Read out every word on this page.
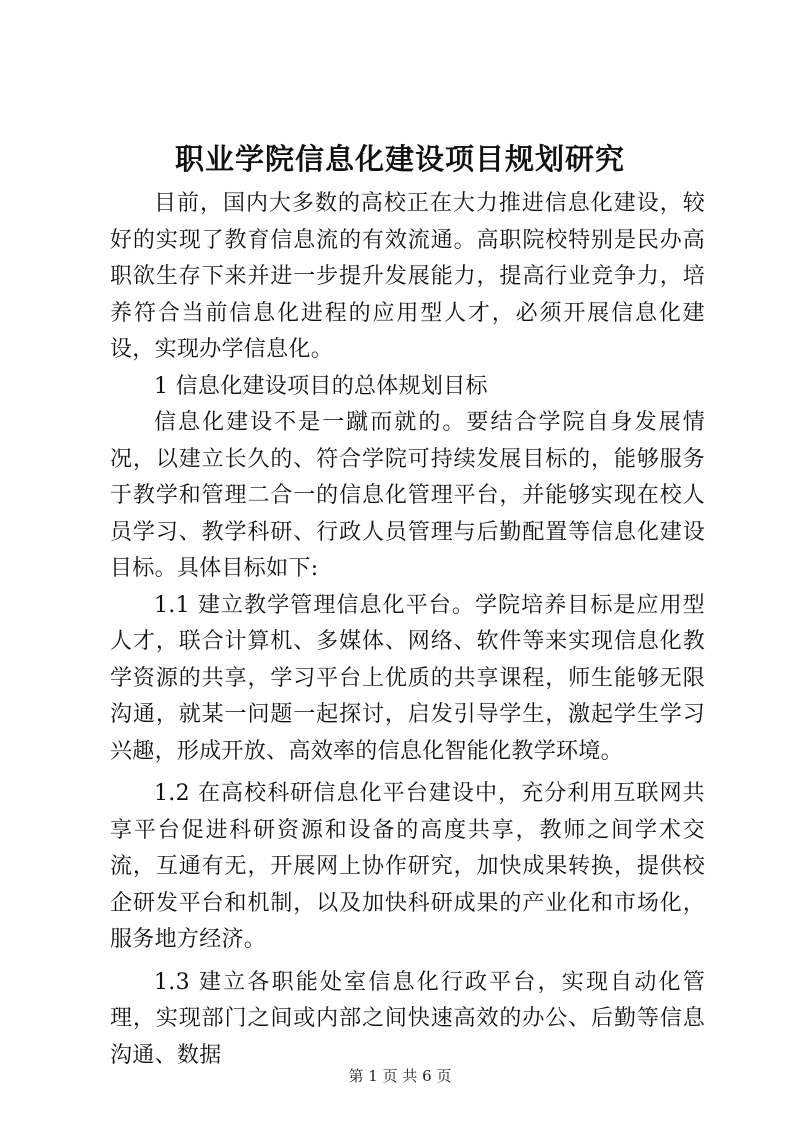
职业学院信息化建设项目规划研究

目前，国内大多数的高校正在大力推进信息化建设，较好的实现了教育信息流的有效流通。高职院校特别是民办高职欲生存下来并进一步提升发展能力，提高行业竞争力，培养符合当前信息化进程的应用型人才，必须开展信息化建设，实现办学信息化。

1 信息化建设项目的总体规划目标

信息化建设不是一蹴而就的。要结合学院自身发展情况，以建立长久的、符合学院可持续发展目标的，能够服务于教学和管理二合一的信息化管理平台，并能够实现在校人员学习、教学科研、行政人员管理与后勤配置等信息化建设目标。具体目标如下:

1.1 建立教学管理信息化平台。学院培养目标是应用型人才，联合计算机、多媒体、网络、软件等来实现信息化教学资源的共享，学习平台上优质的共享课程，师生能够无限沟通，就某一问题一起探讨，启发引导学生，激起学生学习兴趣，形成开放、高效率的信息化智能化教学环境。

1.2 在高校科研信息化平台建设中，充分利用互联网共享平台促进科研资源和设备的高度共享，教师之间学术交流，互通有无，开展网上协作研究，加快成果转换，提供校企研发平台和机制，以及加快科研成果的产业化和市场化，服务地方经济。

1.3 建立各职能处室信息化行政平台，实现自动化管理，实现部门之间或内部之间快速高效的办公、后勤等信息沟通、数据

第 1 页 共 6 页
